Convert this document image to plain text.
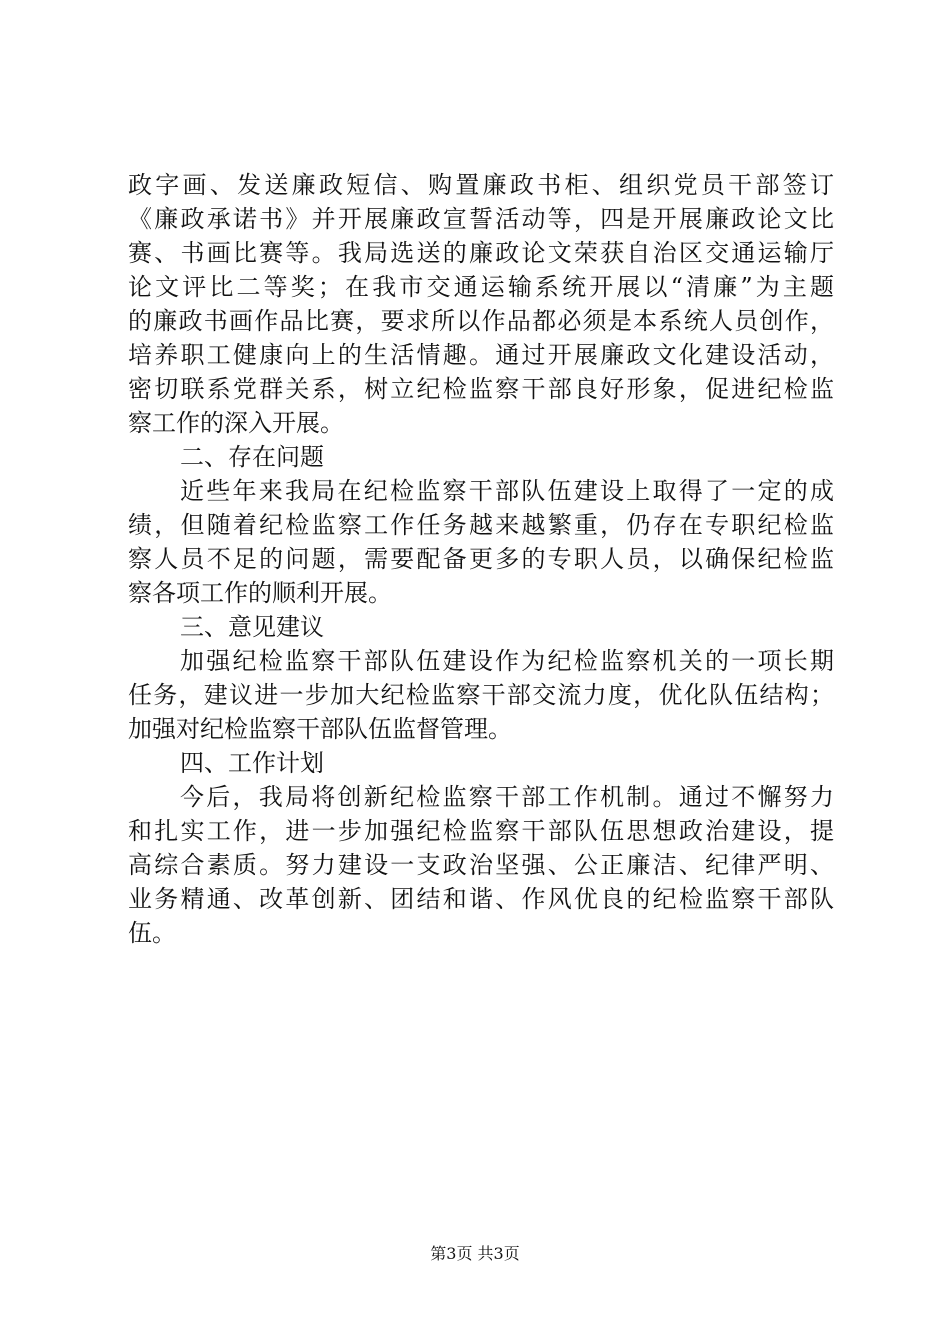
政字画、发送廉政短信、购置廉政书柜、组织党员干部签订
《廉政承诺书》并开展廉政宣誓活动等，四是开展廉政论文比
赛、书画比赛等。我局选送的廉政论文荣获自治区交通运输厅
论文评比二等奖；在我市交通运输系统开展以“清廉”为主题
的廉政书画作品比赛，要求所以作品都必须是本系统人员创作，
培养职工健康向上的生活情趣。通过开展廉政文化建设活动，
密切联系党群关系，树立纪检监察干部良好形象，促进纪检监
察工作的深入开展。
二、存在问题
近些年来我局在纪检监察干部队伍建设上取得了一定的成
绩，但随着纪检监察工作任务越来越繁重，仍存在专职纪检监
察人员不足的问题，需要配备更多的专职人员，以确保纪检监
察各项工作的顺利开展。
三、意见建议
加强纪检监察干部队伍建设作为纪检监察机关的一项长期
任务，建议进一步加大纪检监察干部交流力度，优化队伍结构；
加强对纪检监察干部队伍监督管理。
四、工作计划
今后，我局将创新纪检监察干部工作机制。通过不懈努力
和扎实工作，进一步加强纪检监察干部队伍思想政治建设，提
高综合素质。努力建设一支政治坚强、公正廉洁、纪律严明、
业务精通、改革创新、团结和谐、作风优良的纪检监察干部队
伍。
第3页 共3页
